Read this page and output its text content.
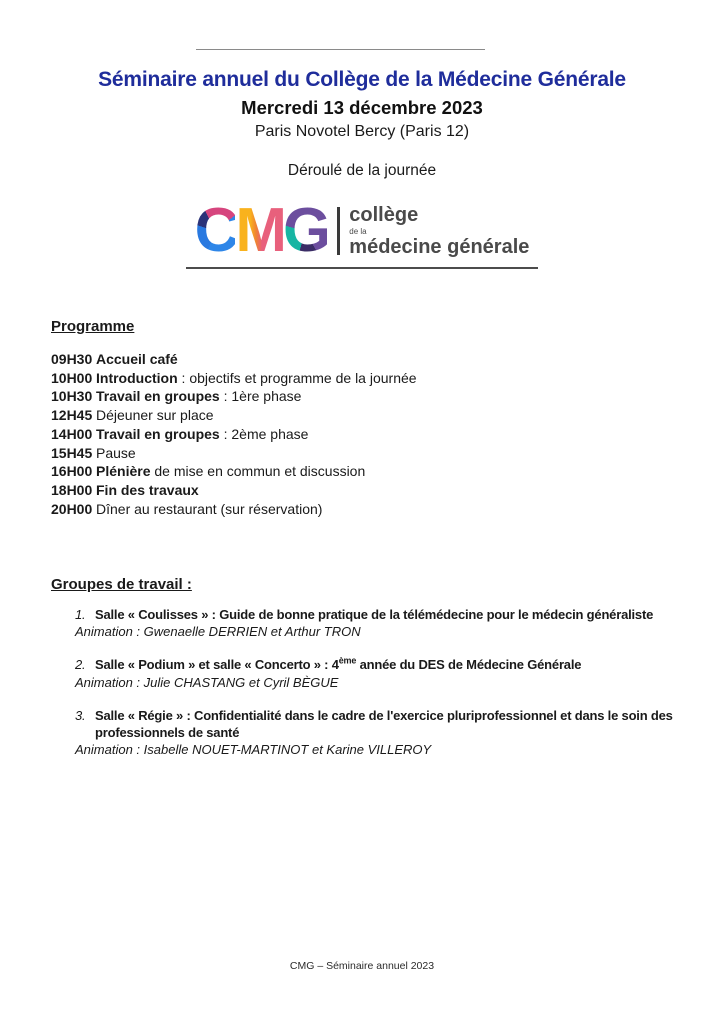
Séminaire annuel du Collège de la Médecine Générale
Mercredi 13 décembre 2023
Paris Novotel Bercy (Paris 12)
Déroulé de la journée
C M G collège
de la
médecine générale
Programme
09H30 Accueil café
10H00 Introduction : objectifs et programme de la journée
10H30 Travail en groupes : 1ère phase
12H45 Déjeuner sur place
14H00 Travail en groupes : 2ème phase
15H45 Pause
16H00 Plénière de mise en commun et discussion
18H00 Fin des travaux
20H00 Dîner au restaurant (sur réservation)
Groupes de travail :
1. Salle « Coulisses » : Guide de bonne pratique de la télémédecine pour le médecin généraliste
Animation : Gwenaelle DERRIEN et Arthur TRON
2. Salle « Podium » et salle « Concerto » : 4ème année du DES de Médecine Générale
Animation : Julie CHASTANG et Cyril BÈGUE
3. Salle « Régie » : Confidentialité dans le cadre de l'exercice pluriprofessionnel et dans le soin des professionnels de santé
Animation : Isabelle NOUET-MARTINOT et Karine VILLEROY
CMG – Séminaire annuel 2023
